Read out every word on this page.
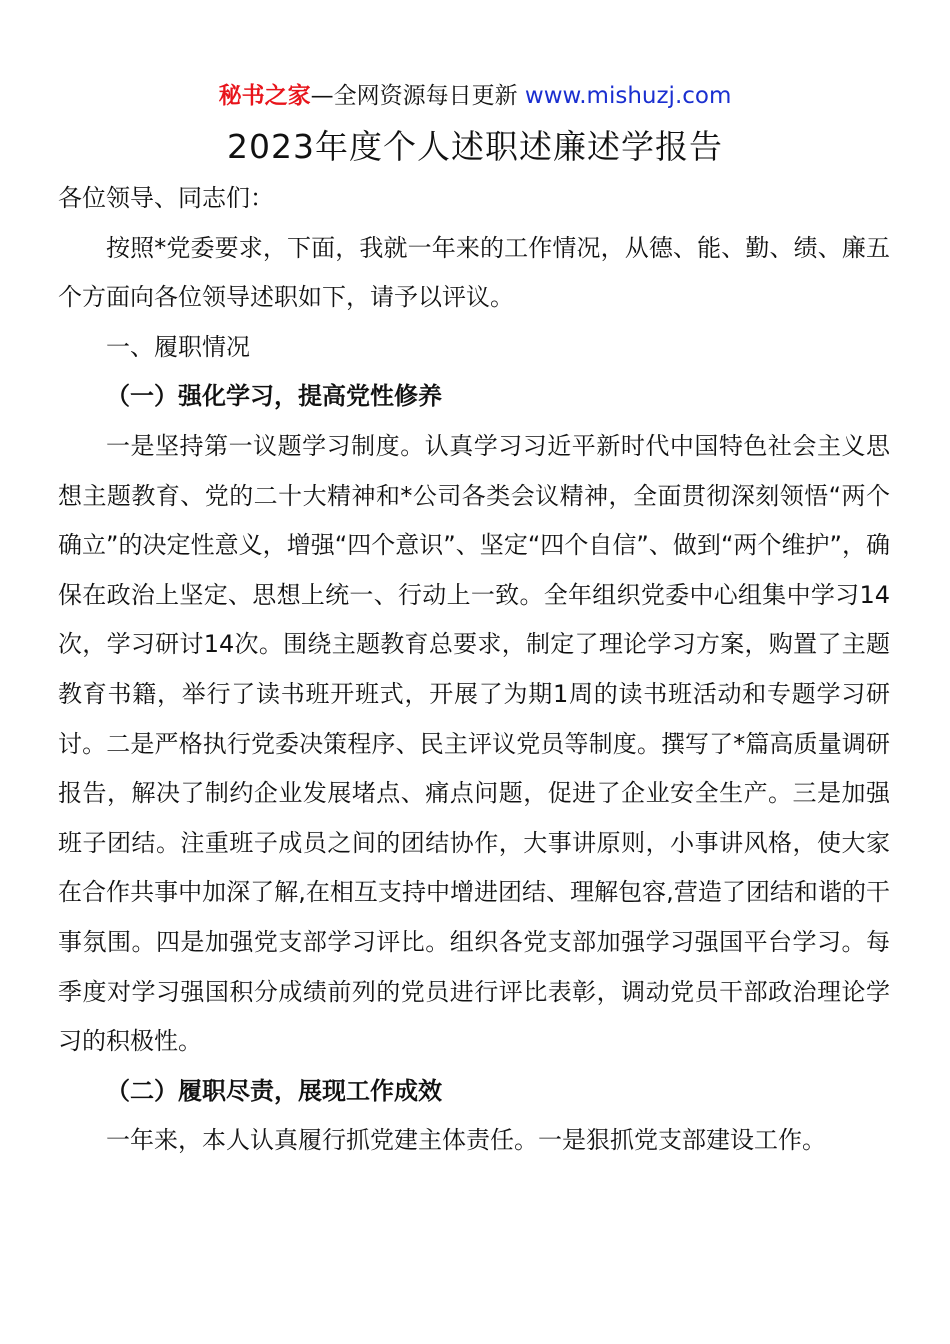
秘书之家—全网资源每日更新 www.mishuzj.com
2023年度个人述职述廉述学报告

各位领导、同志们：

按照*党委要求，下面，我就一年来的工作情况，从德、能、勤、绩、廉五个方面向各位领导述职如下，请予以评议。

一、履职情况

（一）强化学习，提高党性修养

一是坚持第一议题学习制度。认真学习习近平新时代中国特色社会主义思想主题教育、党的二十大精神和*公司各类会议精神，全面贯彻深刻领悟“两个确立”的决定性意义，增强“四个意识”、坚定“四个自信”、做到“两个维护”，确保在政治上坚定、思想上统一、行动上一致。全年组织党委中心组集中学习14次，学习研讨14次。围绕主题教育总要求，制定了理论学习方案，购置了主题教育书籍，举行了读书班开班式，开展了为期1周的读书班活动和专题学习研讨。二是严格执行党委决策程序、民主评议党员等制度。撰写了*篇高质量调研报告，解决了制约企业发展堵点、痛点问题，促进了企业安全生产。三是加强班子团结。注重班子成员之间的团结协作，大事讲原则，小事讲风格，使大家在合作共事中加深了解,在相互支持中增进团结、理解包容,营造了团结和谐的干事氛围。四是加强党支部学习评比。组织各党支部加强学习强国平台学习。每季度对学习强国积分成绩前列的党员进行评比表彰，调动党员干部政治理论学习的积极性。

（二）履职尽责，展现工作成效

一年来，本人认真履行抓党建主体责任。一是狠抓党支部建设工作。
